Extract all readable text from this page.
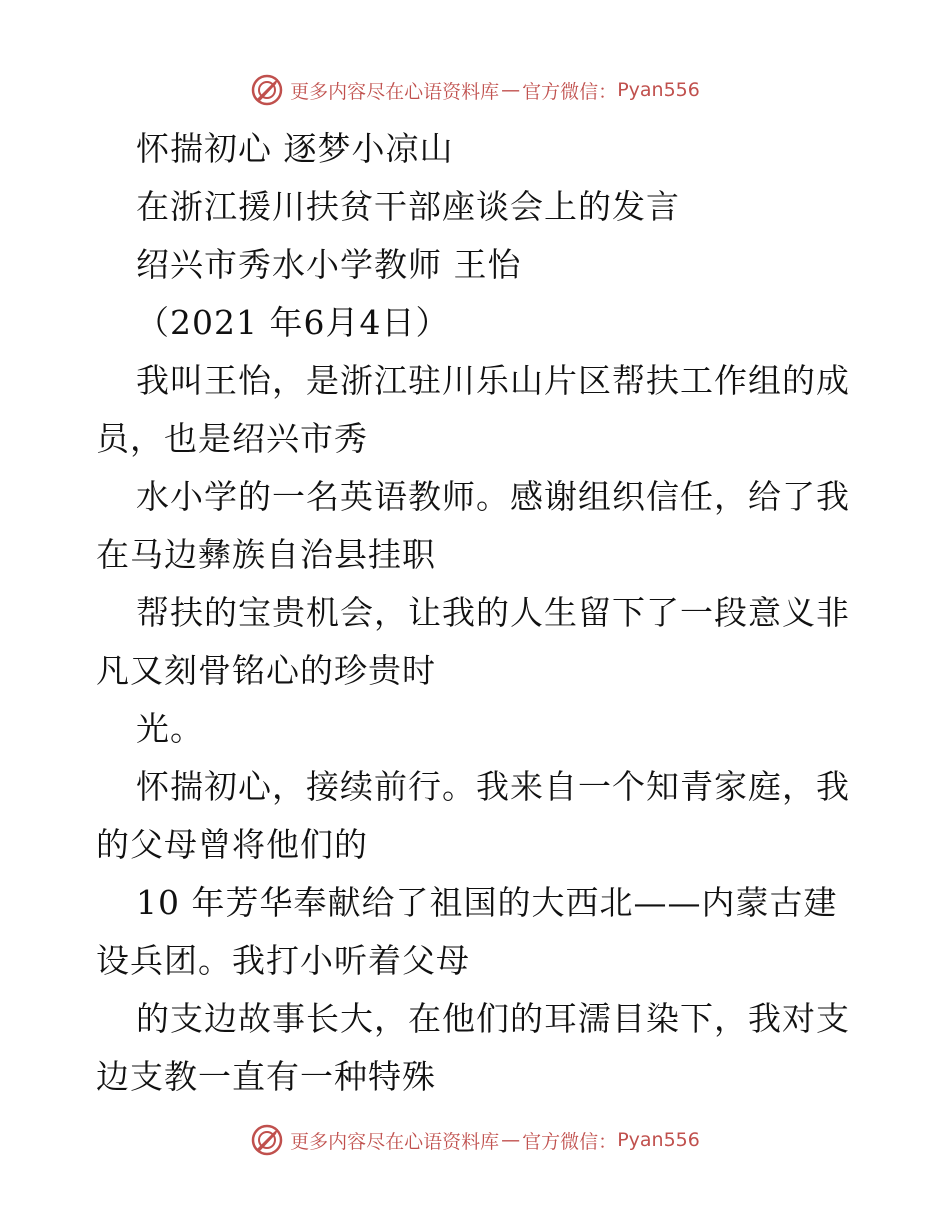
更多内容尽在心语资料库 — 官方微信： Pyan556
怀揣初心 逐梦小凉山
在浙江援川扶贫干部座谈会上的发言
绍兴市秀水小学教师 王怡
（2021 年6月4日）
我叫王怡，是浙江驻川乐山片区帮扶工作组的成
员，也是绍兴市秀
水小学的一名英语教师。感谢组织信任，给了我
在马边彝族自治县挂职
帮扶的宝贵机会，让我的人生留下了一段意义非
凡又刻骨铭心的珍贵时
光。
怀揣初心，接续前行。我来自一个知青家庭，我
的父母曾将他们的
10 年芳华奉献给了祖国的大西北——内蒙古建
设兵团。我打小听着父母
的支边故事长大，在他们的耳濡目染下，我对支
边支教一直有一种特殊
更多内容尽在心语资料库 — 官方微信： Pyan556
